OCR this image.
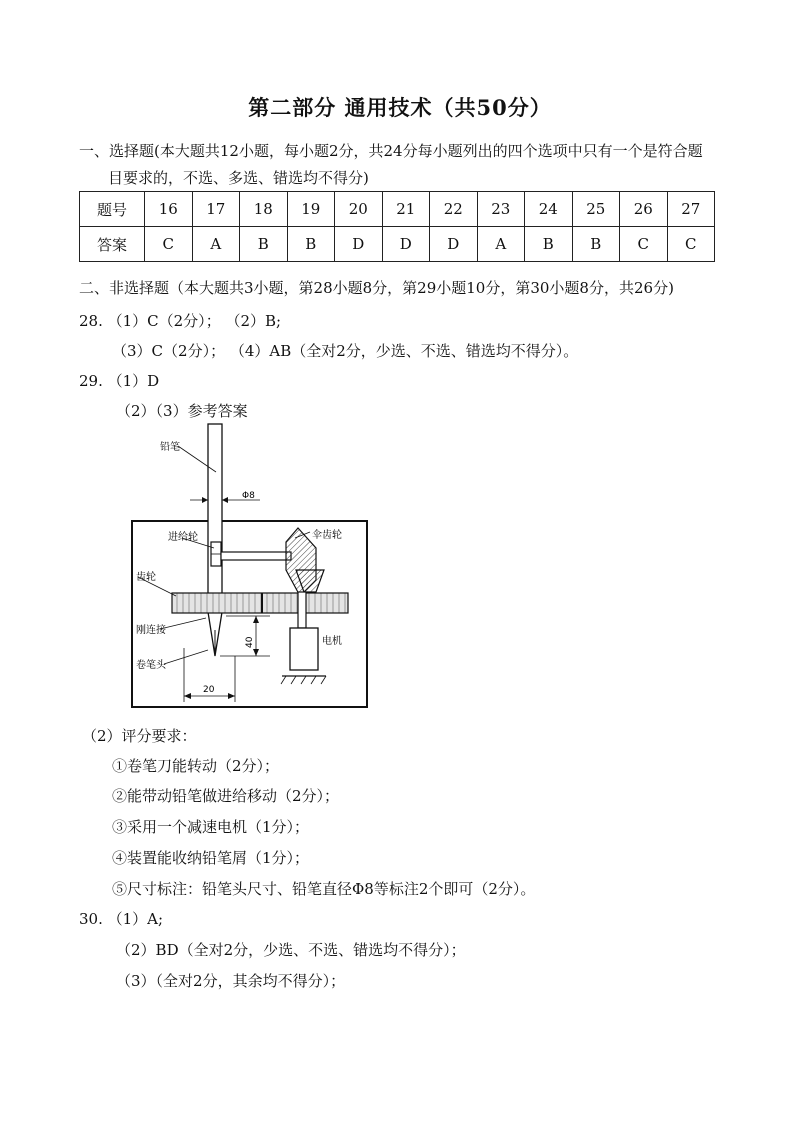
第二部分 通用技术（共50分）
一、选择题(本大题共12小题，每小题2分，共24分每小题列出的四个选项中只有一个是符合题
目要求的，不选、多选、错选均不得分)
题号	16	17	18	19	20	21	22	23	24	25	26	27
答案	C	A	B	B	D	D	D	A	B	B	C	C
二、非选择题（本大题共3小题，第28小题8分，第29小题10分，第30小题8分，共26分)
28. （1）C（2分）； （2）B;
（3）C（2分）； （4）AB（全对2分，少选、不选、错选均不得分）。
29. （1）D
（2）（3）参考答案
铅笔
Φ8
进给轮	伞齿轮
齿轮
刚连接
卷笔头
电机
20
40
（2）评分要求：
①卷笔刀能转动（2分）；
②能带动铅笔做进给移动（2分）；
③采用一个减速电机（1分）；
④装置能收纳铅笔屑（1分）；
⑤尺寸标注：铅笔头尺寸、铅笔直径Φ8等标注2个即可（2分）。
30. （1）A;
（2）BD（全对2分，少选、不选、错选均不得分）；
（3）（全对2分，其余均不得分）；
